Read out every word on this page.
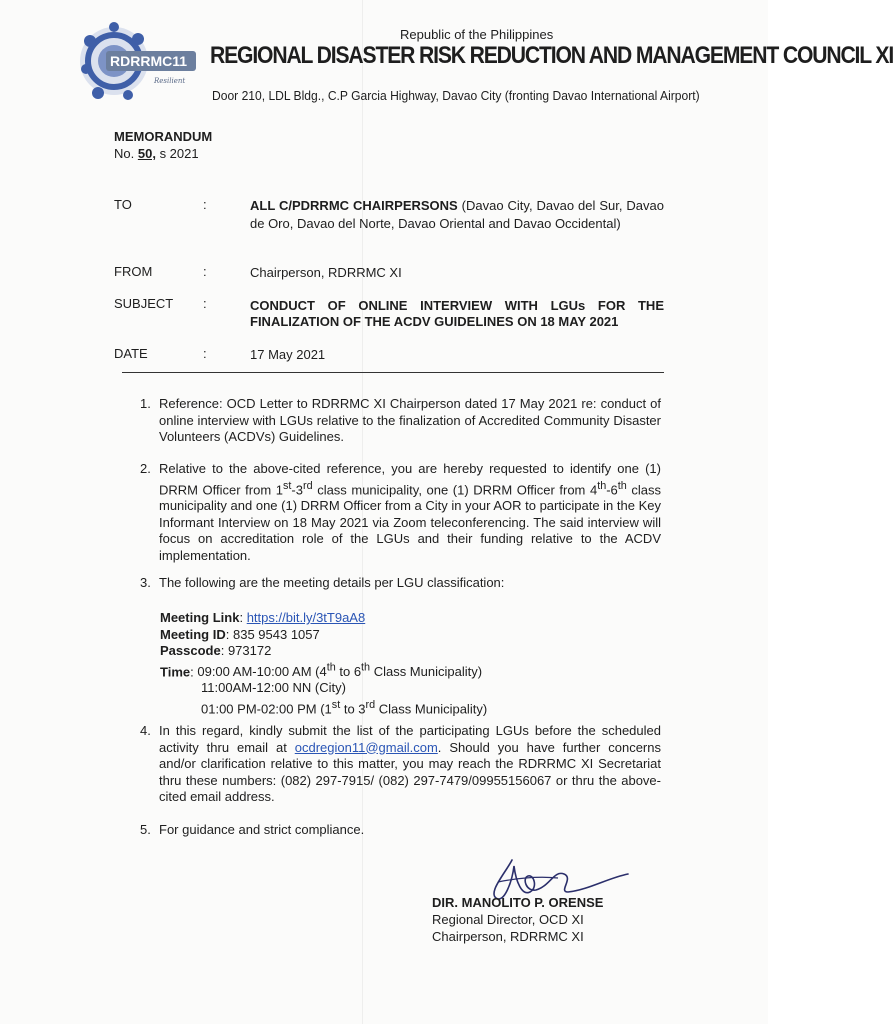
RDRRMC11
Resilient
Republic of the Philippines
REGIONAL DISASTER RISK REDUCTION AND MANAGEMENT COUNCIL XI
Door 210, LDL Bldg., C.P Garcia Highway, Davao City (fronting Davao International Airport)
MEMORANDUM
No. 50, s 2021
TO	:	ALL C/PDRRMC CHAIRPERSONS (Davao City, Davao del Sur, Davao de Oro, Davao del Norte, Davao Oriental and Davao Occidental)
FROM	:	Chairperson, RDRRMC XI
SUBJECT :	CONDUCT OF ONLINE INTERVIEW WITH LGUs FOR THE FINALIZATION OF THE ACDV GUIDELINES ON 18 MAY 2021
DATE	:	17 May 2021
1. Reference: OCD Letter to RDRRMC XI Chairperson dated 17 May 2021 re: conduct of online interview with LGUs relative to the finalization of Accredited Community Disaster Volunteers (ACDVs) Guidelines.
2. Relative to the above-cited reference, you are hereby requested to identify one (1) DRRM Officer from 1st-3rd class municipality, one (1) DRRM Officer from 4th-6th class municipality and one (1) DRRM Officer from a City in your AOR to participate in the Key Informant Interview on 18 May 2021 via Zoom teleconferencing. The said interview will focus on accreditation role of the LGUs and their funding relative to the ACDV implementation.
3. The following are the meeting details per LGU classification:
Meeting Link: https://bit.ly/3tT9aA8
Meeting ID: 835 9543 1057
Passcode: 973172
Time: 09:00 AM-10:00 AM (4th to 6th Class Municipality)
11:00AM-12:00 NN (City)
01:00 PM-02:00 PM (1st to 3rd Class Municipality)
4. In this regard, kindly submit the list of the participating LGUs before the scheduled activity thru email at ocdregion11@gmail.com. Should you have further concerns and/or clarification relative to this matter, you may reach the RDRRMC XI Secretariat thru these numbers: (082) 297-7915/ (082) 297-7479/09955156067 or thru the above-cited email address.
5. For guidance and strict compliance.
DIR. MANOLITO P. ORENSE
Regional Director, OCD XI
Chairperson, RDRRMC XI
